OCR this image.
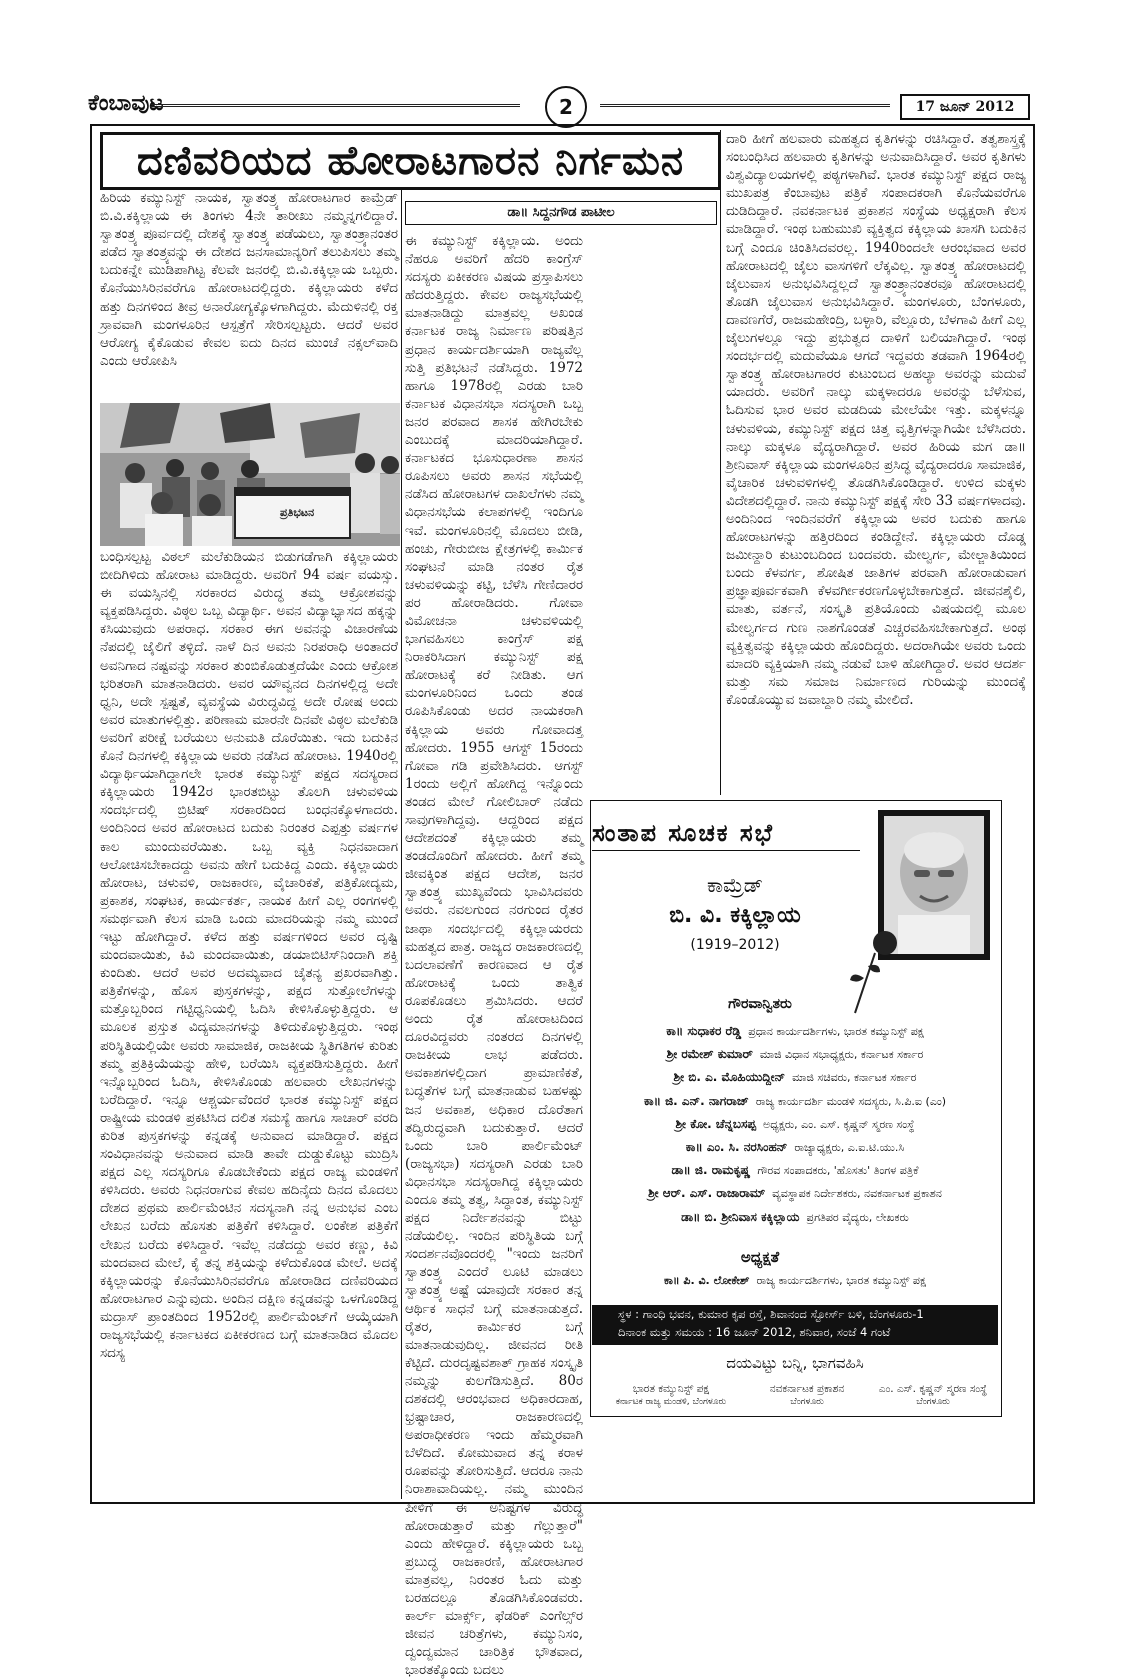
ಕೆಂಬಾವುಟ	2	17 ಜೂನ್ 2012
ದಣಿವರಿಯದ ಹೋರಾಟಗಾರನ ನಿರ್ಗಮನ
ಡಾ॥ ಸಿದ್ದನಗೌಡ ಪಾಟೀಲ

ಹಿರಿಯ ಕಮ್ಯುನಿಸ್ಟ್ ನಾಯಕ, ಸ್ವಾತಂತ್ರ್ಯ ಹೋರಾಟಗಾರ ಕಾಮ್ರೆಡ್ ಬಿ.ವಿ.ಕಕ್ಕಿಲ್ಲಾಯ ಈ ತಿಂಗಳು 4ನೇ ತಾರೀಖು ನಮ್ಮನ್ನಗಲಿದ್ದಾರೆ. ಸ್ವಾತಂತ್ರ್ಯ ಪೂರ್ವದಲ್ಲಿ ದೇಶಕ್ಕೆ ಸ್ವಾತಂತ್ರ್ಯ ಪಡೆಯಲು, ಸ್ವಾತಂತ್ರ್ಯಾನಂತರ ಪಡೆದ ಸ್ವಾತಂತ್ರ್ಯವನ್ನು ಈ ದೇಶದ ಜನಸಾಮಾನ್ಯರಿಗೆ ತಲುಪಿಸಲು ತಮ್ಮ ಬದುಕನ್ನೇ ಮುಡಿಪಾಗಿಟ್ಟ ಕೆಲವೇ ಜನರಲ್ಲಿ ಬಿ.ವಿ.ಕಕ್ಕಿಲ್ಲಾಯ ಒಬ್ಬರು. ಕೊನೆಯುಸಿರಿನವರೆಗೂ ಹೋರಾಟದಲ್ಲಿದ್ದರು. ಕಕ್ಕಿಲ್ಲಾಯರು ಕಳೆದ ಹತ್ತು ದಿನಗಳಿಂದ ತೀವ್ರ ಅನಾರೋಗ್ಯಕ್ಕೊಳಗಾಗಿದ್ದರು. ಮೆದುಳಿನಲ್ಲಿ ರಕ್ತ ಸ್ರಾವವಾಗಿ ಮಂಗಳೂರಿನ ಆಸ್ಪತ್ರೆಗೆ ಸೇರಿಸಲ್ಪಟ್ಟರು. ಆದರೆ ಅವರ ಆರೋಗ್ಯ ಕೈಕೊಡುವ ಕೇವಲ ಐದು ದಿನದ ಮುಂಚೆ ನಕ್ಸಲ್‌ವಾದಿ ಎಂದು ಆರೋಪಿಸಿ

ಪ್ರತಿಭಟನ

ಬಂಧಿಸಲ್ಪಟ್ಟ ವಿಠಲ್ ಮಲೆಕುಡಿಯನ ಬಿಡುಗಡೆಗಾಗಿ ಕಕ್ಕಿಲ್ಲಾಯರು ಬೀದಿಗಿಳಿದು ಹೋರಾಟ ಮಾಡಿದ್ದರು. ಅವರಿಗೆ 94 ವರ್ಷ ವಯಸ್ಸು. ಈ ವಯಸ್ಸಿನಲ್ಲಿ ಸರಕಾರದ ವಿರುದ್ಧ ತಮ್ಮ ಆಕ್ರೋಶವನ್ನು ವ್ಯಕ್ತಪಡಿಸಿದ್ದರು. ವಿಠ್ಠಲ ಒಬ್ಬ ವಿದ್ಯಾರ್ಥಿ. ಅವನ ವಿದ್ಯಾಭ್ಯಾಸದ ಹಕ್ಕನ್ನು ಕಸಿಯುವುದು ಅಪರಾಧ. ಸರಕಾರ ಈಗ ಅವನನ್ನು ವಿಚಾರಣೆಯ ನೆಪದಲ್ಲಿ ಜೈಲಿಗೆ ತಳ್ಳಿದೆ. ನಾಳೆ ದಿನ ಅವನು ನಿರಪರಾಧಿ ಅಂತಾದರೆ ಅವನಿಗಾದ ನಷ್ಟವನ್ನು ಸರಕಾರ ತುಂಬಿಕೊಡುತ್ತದೆಯೇ ಎಂದು ಆಕ್ರೋಶ ಭರಿತರಾಗಿ ಮಾತನಾಡಿದರು. ಅವರ ಯೌವ್ವನದ ದಿನಗಳಲ್ಲಿದ್ದ ಅದೇ ಧ್ವನಿ, ಅದೇ ಸ್ಪಷ್ಟತೆ, ವ್ಯವಸ್ಥೆಯ ವಿರುದ್ಧವಿದ್ದ ಅದೇ ರೋಷ ಅಂದು ಅವರ ಮಾತುಗಳಲ್ಲಿತ್ತು. ಪರಿಣಾಮ ಮಾರನೇ ದಿನವೇ ವಿಠ್ಠಲ ಮಲೆಕುಡಿ ಅವರಿಗೆ ಪರೀಕ್ಷೆ ಬರೆಯಲು ಅನುಮತಿ ದೊರೆಯಿತು. ಇದು ಬದುಕಿನ ಕೊನೆ ದಿನಗಳಲ್ಲಿ ಕಕ್ಕಿಲ್ಲಾಯ ಅವರು ನಡೆಸಿದ ಹೋರಾಟ. 1940ರಲ್ಲಿ ವಿದ್ಯಾರ್ಥಿಯಾಗಿದ್ದಾಗಲೇ ಭಾರತ ಕಮ್ಯುನಿಸ್ಟ್ ಪಕ್ಷದ ಸದಸ್ಯರಾದ ಕಕ್ಕಿಲ್ಲಾಯರು 1942ರ ಭಾರತಬಿಟ್ಟು ತೊಲಗಿ ಚಳುವಳಿಯ ಸಂದರ್ಭದಲ್ಲಿ ಬ್ರಿಟಿಷ್ ಸರಕಾರದಿಂದ ಬಂಧನಕ್ಕೊಳಗಾದರು. ಅಂದಿನಿಂದ ಅವರ ಹೋರಾಟದ ಬದುಕು ನಿರಂತರ ಎಪ್ಪತ್ತು ವರ್ಷಗಳ ಕಾಲ ಮುಂದುವರೆಯಿತು. ಒಬ್ಬ ವ್ಯಕ್ತಿ ನಿಧನವಾದಾಗ ಆಲೋಚಿಸಬೇಕಾದದ್ದು ಅವನು ಹೇಗೆ ಬದುಕಿದ್ದ ಎಂದು. ಕಕ್ಕಿಲ್ಲಾಯರು ಹೋರಾಟ, ಚಳುವಳಿ, ರಾಜಕಾರಣ, ವೈಚಾರಿಕತೆ, ಪತ್ರಿಕೋದ್ಯಮ, ಪ್ರಕಾಶಕ, ಸಂಘಟಕ, ಕಾರ್ಯಕರ್ತ, ನಾಯಕ ಹೀಗೆ ಎಲ್ಲ ರಂಗಗಳಲ್ಲಿ ಸಮರ್ಥವಾಗಿ ಕೆಲಸ ಮಾಡಿ ಒಂದು ಮಾದರಿಯನ್ನು ನಮ್ಮ ಮುಂದೆ ಇಟ್ಟು ಹೋಗಿದ್ದಾರೆ. ಕಳೆದ ಹತ್ತು ವರ್ಷಗಳಿಂದ ಅವರ ದೃಷ್ಟಿ ಮಂದವಾಯಿತು, ಕಿವಿ ಮಂದವಾಯಿತು, ಡಯಾಬಿಟಿಸ್‌ನಿಂದಾಗಿ ಶಕ್ತಿ ಕುಂದಿತು. ಆದರೆ ಅವರ ಅದಮ್ಯವಾದ ಚೈತನ್ಯ ಪ್ರಖರವಾಗಿತ್ತು. ಪತ್ರಿಕೆಗಳನ್ನು, ಹೊಸ ಪುಸ್ತಕಗಳನ್ನು, ಪಕ್ಷದ ಸುತ್ತೋಲೆಗಳನ್ನು ಮತ್ತೊಬ್ಬರಿಂದ ಗಟ್ಟಿಧ್ವನಿಯಲ್ಲಿ ಓದಿಸಿ ಕೇಳಿಸಿಕೊಳ್ಳುತ್ತಿದ್ದರು. ಆ ಮೂಲಕ ಪ್ರಸ್ತುತ ವಿದ್ಯಮಾನಗಳನ್ನು ತಿಳಿದುಕೊಳ್ಳುತ್ತಿದ್ದರು. ಇಂಥ ಪರಿಸ್ಥಿತಿಯಲ್ಲಿಯೇ ಅವರು ಸಾಮಾಜಿಕ, ರಾಜಕೀಯ ಸ್ಥಿತಿಗತಿಗಳ ಕುರಿತು ತಮ್ಮ ಪ್ರತಿಕ್ರಿಯೆಯನ್ನು ಹೇಳಿ, ಬರೆಯಿಸಿ ವ್ಯಕ್ತಪಡಿಸುತ್ತಿದ್ದರು. ಹೀಗೆ ಇನ್ನೊಬ್ಬರಿಂದ ಓದಿಸಿ, ಕೇಳಿಸಿಕೊಂಡು ಹಲವಾರು ಲೇಖನಗಳನ್ನು ಬರೆದಿದ್ದಾರೆ. ಇನ್ನೂ ಆಶ್ಚರ್ಯವೆಂದರೆ ಭಾರತ ಕಮ್ಯುನಿಸ್ಟ್ ಪಕ್ಷದ ರಾಷ್ಟ್ರೀಯ ಮಂಡಳಿ ಪ್ರಕಟಿಸಿದ ದಲಿತ ಸಮಸ್ಯೆ ಹಾಗೂ ಸಾಚಾರ್ ವರದಿ ಕುರಿತ ಪುಸ್ತಕಗಳನ್ನು ಕನ್ನಡಕ್ಕೆ ಅನುವಾದ ಮಾಡಿದ್ದಾರೆ. ಪಕ್ಷದ ಸಂವಿಧಾನವನ್ನು ಅನುವಾದ ಮಾಡಿ ತಾವೇ ದುಡ್ಡುಕೊಟ್ಟು ಮುದ್ರಿಸಿ ಪಕ್ಷದ ಎಲ್ಲ ಸದಸ್ಯರಿಗೂ ಕೊಡಬೇಕೆಂದು ಪಕ್ಷದ ರಾಜ್ಯ ಮಂಡಳಿಗೆ ಕಳಿಸಿದರು. ಅವರು ನಿಧನರಾಗುವ ಕೇವಲ ಹದಿನೈದು ದಿನದ ಮೊದಲು ದೇಶದ ಪ್ರಥಮ ಪಾರ್ಲಿಮೆಂಟಿನ ಸದಸ್ಯನಾಗಿ ನನ್ನ ಅನುಭವ ಎಂಬ ಲೇಖನ ಬರೆದು ಹೊಸತು ಪತ್ರಿಕೆಗೆ ಕಳಿಸಿದ್ದಾರೆ. ಲಂಕೇಶ ಪತ್ರಿಕೆಗೆ ಲೇಖನ ಬರೆದು ಕಳಿಸಿದ್ದಾರೆ. ಇವೆಲ್ಲ ನಡೆದದ್ದು ಅವರ ಕಣ್ಣು, ಕಿವಿ ಮಂದವಾದ ಮೇಲೆ, ಕೈ ತನ್ನ ಶಕ್ತಿಯನ್ನು ಕಳೆದುಕೊಂಡ ಮೇಲೆ. ಅದಕ್ಕೆ ಕಕ್ಕಿಲ್ಲಾಯರನ್ನು ಕೊನೆಯುಸಿರಿನವರೆಗೂ ಹೋರಾಡಿದ ದಣಿವರಿಯದ ಹೋರಾಟಗಾರ ಎನ್ನುವುದು. ಅಂದಿನ ದಕ್ಷಿಣ ಕನ್ನಡವನ್ನು ಒಳಗೊಂಡಿದ್ದ ಮದ್ರಾಸ್ ಪ್ರಾಂತದಿಂದ 1952ರಲ್ಲಿ ಪಾರ್ಲಿಮೆಂಟ್‌ಗೆ ಆಯ್ಕೆಯಾಗಿ ರಾಜ್ಯಸಭೆಯಲ್ಲಿ ಕರ್ನಾಟಕದ ಏಕೀಕರಣದ ಬಗ್ಗೆ ಮಾತನಾಡಿದ ಮೊದಲ ಸದಸ್ಯ

ಈ ಕಮ್ಯುನಿಸ್ಟ್ ಕಕ್ಕಿಲ್ಲಾಯ. ಅಂದು ನೆಹರೂ ಅವರಿಗೆ ಹೆದರಿ ಕಾಂಗ್ರೆಸ್ ಸದಸ್ಯರು ಏಕೀಕರಣ ವಿಷಯ ಪ್ರಸ್ತಾಪಿಸಲು ಹೆದರುತ್ತಿದ್ದರು. ಕೇವಲ ರಾಜ್ಯಸಭೆಯಲ್ಲಿ ಮಾತನಾಡಿದ್ದು ಮಾತ್ರವಲ್ಲ ಅಖಂಡ ಕರ್ನಾಟಕ ರಾಜ್ಯ ನಿರ್ಮಾಣ ಪರಿಷತ್ತಿನ ಪ್ರಧಾನ ಕಾರ್ಯದರ್ಶಿಯಾಗಿ ರಾಜ್ಯವೆಲ್ಲ ಸುತ್ತಿ ಪ್ರತಿಭಟನೆ ನಡೆಸಿದ್ದರು. 1972 ಹಾಗೂ 1978ರಲ್ಲಿ ಎರಡು ಬಾರಿ ಕರ್ನಾಟಕ ವಿಧಾನಸಭಾ ಸದಸ್ಯರಾಗಿ ಒಬ್ಬ ಜನರ ಪರವಾದ ಶಾಸಕ ಹೇಗಿರಬೇಕು ಎಂಬುದಕ್ಕೆ ಮಾದರಿಯಾಗಿದ್ದಾರೆ. ಕರ್ನಾಟಕದ ಭೂಸುಧಾರಣಾ ಶಾಸನ ರೂಪಿಸಲು ಅವರು ಶಾಸನ ಸಭೆಯಲ್ಲಿ ನಡೆಸಿದ ಹೋರಾಟಗಳ ದಾಖಲೆಗಳು ನಮ್ಮ ವಿಧಾನಸಭೆಯ ಕಲಾಪಗಳಲ್ಲಿ ಇಂದಿಗೂ ಇವೆ. ಮಂಗಳೂರಿನಲ್ಲಿ ಮೊದಲು ಬೀಡಿ, ಹಂಚು, ಗೇರುಬೀಜ ಕ್ಷೇತ್ರಗಳಲ್ಲಿ ಕಾರ್ಮಿಕ ಸಂಘಟನೆ ಮಾಡಿ ನಂತರ ರೈತ ಚಳುವಳಿಯನ್ನು ಕಟ್ಟಿ, ಬೆಳೆಸಿ ಗೇಣಿದಾರರ ಪರ ಹೋರಾಡಿದರು. ಗೋವಾ ವಿಮೋಚನಾ ಚಳುವಳಿಯಲ್ಲಿ ಭಾಗವಹಿಸಲು ಕಾಂಗ್ರೆಸ್ ಪಕ್ಷ ನಿರಾಕರಿಸಿದಾಗ ಕಮ್ಯುನಿಸ್ಟ್ ಪಕ್ಷ ಹೋರಾಟಕ್ಕೆ ಕರೆ ನೀಡಿತು. ಆಗ ಮಂಗಳೂರಿನಿಂದ ಒಂದು ತಂಡ ರೂಪಿಸಿಕೊಂಡು ಅದರ ನಾಯಕರಾಗಿ ಕಕ್ಕಿಲ್ಲಾಯ ಅವರು ಗೋವಾದತ್ತ ಹೋದರು. 1955 ಆಗಸ್ಟ್ 15ರಂದು ಗೋವಾ ಗಡಿ ಪ್ರವೇಶಿಸಿದರು. ಆಗಸ್ಟ್ 1ರಂದು ಅಲ್ಲಿಗೆ ಹೋಗಿದ್ದ ಇನ್ನೊಂದು ತಂಡದ ಮೇಲೆ ಗೋಲಿಬಾರ್ ನಡೆದು ಸಾವುಗಳಾಗಿದ್ದವು. ಆದ್ದರಿಂದ ಪಕ್ಷದ ಆದೇಶದಂತೆ ಕಕ್ಕಿಲ್ಲಾಯರು ತಮ್ಮ ತಂಡದೊಂದಿಗೆ ಹೋದರು. ಹೀಗೆ ತಮ್ಮ ಜೀವಕ್ಕಿಂತ ಪಕ್ಷದ ಆದೇಶ, ಜನರ ಸ್ವಾತಂತ್ರ್ಯ ಮುಖ್ಯವೆಂದು ಭಾವಿಸಿದವರು ಅವರು. ನವಲಗುಂದ ನರಗುಂದ ರೈತರ ಜಾಥಾ ಸಂದರ್ಭದಲ್ಲಿ ಕಕ್ಕಿಲ್ಲಾಯರದು ಮಹತ್ವದ ಪಾತ್ರ. ರಾಜ್ಯದ ರಾಜಕಾರಣದಲ್ಲಿ ಬದಲಾವಣೆಗೆ ಕಾರಣವಾದ ಆ ರೈತ ಹೋರಾಟಕ್ಕೆ ಒಂದು ತಾತ್ವಿಕ ರೂಪಕೊಡಲು ಶ್ರಮಿಸಿದರು. ಆದರೆ ಅಂದು ರೈತ ಹೋರಾಟದಿಂದ ದೂರವಿದ್ದವರು ನಂತರದ ದಿನಗಳಲ್ಲಿ ರಾಜಕೀಯ ಲಾಭ ಪಡೆದರು. ಅವಕಾಶಗಳಲ್ಲಿದಾಗ ಪ್ರಾಮಾಣಿಕತೆ, ಬದ್ಧತೆಗಳ ಬಗ್ಗೆ ಮಾತನಾಡುವ ಬಹಳಷ್ಟು ಜನ ಅವಕಾಶ, ಅಧಿಕಾರ ದೊರೆತಾಗ ತದ್ವಿರುದ್ಧವಾಗಿ ಬದುಕುತ್ತಾರೆ. ಆದರೆ ಒಂದು ಬಾರಿ ಪಾರ್ಲಿಮೆಂಟ್ (ರಾಜ್ಯಸಭಾ) ಸದಸ್ಯರಾಗಿ ಎರಡು ಬಾರಿ ವಿಧಾನಸಭಾ ಸದಸ್ಯರಾಗಿದ್ದ ಕಕ್ಕಿಲ್ಲಾಯರು ಎಂದೂ ತಮ್ಮ ತತ್ವ, ಸಿದ್ಧಾಂತ, ಕಮ್ಯುನಿಸ್ಟ್ ಪಕ್ಷದ ನಿರ್ದೇಶನವನ್ನು ಬಿಟ್ಟು ನಡೆಯಲಿಲ್ಲ. ಇಂದಿನ ಪರಿಸ್ಥಿತಿಯ ಬಗ್ಗೆ ಸಂದರ್ಶನವೊಂದರಲ್ಲಿ "ಇಂದು ಜನರಿಗೆ ಸ್ವಾತಂತ್ರ್ಯ ಎಂದರೆ ಲೂಟಿ ಮಾಡಲು ಸ್ವಾತಂತ್ರ್ಯ ಅಷ್ಟೆ ಯಾವುದೇ ಸರಕಾರ ತನ್ನ ಆರ್ಥಿಕ ಸಾಧನೆ ಬಗ್ಗೆ ಮಾತನಾಡುತ್ತದೆ. ರೈತರ, ಕಾರ್ಮಿಕರ ಬಗ್ಗೆ ಮಾತನಾಡುವುದಿಲ್ಲ. ಜೀವನದ ರೀತಿ ಕೆಟ್ಟಿದೆ. ದುರದೃಷ್ಟವಶಾತ್ ಗ್ರಾಹಕ ಸಂಸ್ಕೃತಿ ನಮ್ಮನ್ನು ಕುಲಗೆಡಿಸುತ್ತಿದೆ. 80ರ ದಶಕದಲ್ಲಿ ಆರಂಭವಾದ ಅಧಿಕಾರದಾಹ, ಭ್ರಷ್ಟಾಚಾರ, ರಾಜಕಾರಣದಲ್ಲಿ ಅಪರಾಧೀಕರಣ ಇಂದು ಹೆಮ್ಮರವಾಗಿ ಬೆಳೆದಿದೆ. ಕೋಮುವಾದ ತನ್ನ ಕರಾಳ ರೂಪವನ್ನು ತೋರಿಸುತ್ತಿದೆ. ಆದರೂ ನಾನು ನಿರಾಶಾವಾದಿಯಲ್ಲ. ನಮ್ಮ ಮುಂದಿನ ಪೀಳಿಗೆ ಈ ಅನಿಷ್ಟಗಳ ವಿರುದ್ಧ ಹೋರಾಡುತ್ತಾರೆ ಮತ್ತು ಗೆಲ್ಲುತ್ತಾರೆ" ಎಂದು ಹೇಳಿದ್ದಾರೆ. ಕಕ್ಕಿಲ್ಲಾಯರು ಒಬ್ಬ ಪ್ರಬುದ್ಧ ರಾಜಕಾರಣಿ, ಹೋರಾಟಗಾರ ಮಾತ್ರವಲ್ಲ, ನಿರಂತರ ಓದು ಮತ್ತು ಬರಹದಲ್ಲೂ ತೊಡಗಿಸಿಕೊಂಡವರು. ಕಾರ್ಲ್ ಮಾರ್ಕ್ಸ್, ಫೆಡರಿಕ್ ಎಂಗೆಲ್ಸ್‌ರ ಜೀವನ ಚರಿತ್ರೆಗಳು, ಕಮ್ಯುನಿಸಂ, ದ್ವಂದ್ವಮಾನ ಚಾರಿತ್ರಿಕ ಭೌತವಾದ, ಭಾರತಕ್ಕೊಂದು ಬದಲು

ದಾರಿ ಹೀಗೆ ಹಲವಾರು ಮಹತ್ವದ ಕೃತಿಗಳನ್ನು ರಚಿಸಿದ್ದಾರೆ. ತತ್ವಶಾಸ್ತ್ರಕ್ಕೆ ಸಂಬಂಧಿಸಿದ ಹಲವಾರು ಕೃತಿಗಳನ್ನು ಅನುವಾದಿಸಿದ್ದಾರೆ. ಅವರ ಕೃತಿಗಳು ವಿಶ್ವವಿದ್ಯಾಲಯಗಳಲ್ಲಿ ಪಠ್ಯಗಳಾಗಿವೆ. ಭಾರತ ಕಮ್ಯುನಿಸ್ಟ್ ಪಕ್ಷದ ರಾಜ್ಯ ಮುಖಪತ್ರ ಕೆಂಬಾವುಟ ಪತ್ರಿಕೆ ಸಂಪಾದಕರಾಗಿ ಕೊನೆಯವರೆಗೂ ದುಡಿದಿದ್ದಾರೆ. ನವಕರ್ನಾಟಕ ಪ್ರಕಾಶನ ಸಂಸ್ಥೆಯ ಅಧ್ಯಕ್ಷರಾಗಿ ಕೆಲಸ ಮಾಡಿದ್ದಾರೆ. ಇಂಥ ಬಹುಮುಖಿ ವ್ಯಕ್ತಿತ್ವದ ಕಕ್ಕಿಲ್ಲಾಯ ಖಾಸಗಿ ಬದುಕಿನ ಬಗ್ಗೆ ಎಂದೂ ಚಿಂತಿಸಿದವರಲ್ಲ. 1940ರಿಂದಲೇ ಆರಂಭವಾದ ಅವರ ಹೋರಾಟದಲ್ಲಿ ಜೈಲು ವಾಸಗಳಿಗೆ ಲೆಕ್ಕವಿಲ್ಲ. ಸ್ವಾತಂತ್ರ್ಯ ಹೋರಾಟದಲ್ಲಿ ಜೈಲುವಾಸ ಅನುಭವಿಸಿದ್ದಲ್ಲದೆ ಸ್ವಾತಂತ್ರ್ಯಾನಂತರವೂ ಹೋರಾಟದಲ್ಲಿ ತೊಡಗಿ ಜೈಲುವಾಸ ಅನುಭವಿಸಿದ್ದಾರೆ. ಮಂಗಳೂರು, ಬೆಂಗಳೂರು, ದಾವಣಗೆರೆ, ರಾಜಮಹೇಂದ್ರಿ, ಬಳ್ಳಾರಿ, ವೆಲ್ಲೂರು, ಬೆಳಗಾವಿ ಹೀಗೆ ಎಲ್ಲ ಜೈಲುಗಳಲ್ಲೂ ಇದ್ದು ಪ್ರಭುತ್ವದ ದಾಳಿಗೆ ಬಲಿಯಾಗಿದ್ದಾರೆ. ಇಂಥ ಸಂದರ್ಭದಲ್ಲಿ ಮದುವೆಯೂ ಆಗದೆ ಇದ್ದವರು ತಡವಾಗಿ 1964ರಲ್ಲಿ ಸ್ವಾತಂತ್ರ್ಯ ಹೋರಾಟಗಾರರ ಕುಟುಂಬದ ಅಹಲ್ಯಾ ಅವರನ್ನು ಮದುವೆ ಯಾದರು. ಅವರಿಗೆ ನಾಲ್ಕು ಮಕ್ಕಳಾದರೂ ಅವರನ್ನು ಬೆಳೆಸುವ, ಓದಿಸುವ ಭಾರ ಅವರ ಮಡದಿಯ ಮೇಲೆಯೇ ಇತ್ತು. ಮಕ್ಕಳನ್ನೂ ಚಳುವಳಿಯ, ಕಮ್ಯುನಿಸ್ಟ್ ಪಕ್ಷದ ಚಿತ್ತ ವೃತ್ತಿಗಳನ್ನಾಗಿಯೇ ಬೆಳೆಸಿದರು. ನಾಲ್ಕು ಮಕ್ಕಳೂ ವೈದ್ಯರಾಗಿದ್ದಾರೆ. ಅವರ ಹಿರಿಯ ಮಗ ಡಾ॥ ಶ್ರೀನಿವಾಸ್ ಕಕ್ಕಿಲ್ಲಾಯ ಮಂಗಳೂರಿನ ಪ್ರಸಿದ್ಧ ವೈದ್ಯರಾದರೂ ಸಾಮಾಜಿಕ, ವೈಚಾರಿಕ ಚಳುವಳಿಗಳಲ್ಲಿ ತೊಡಗಿಸಿಕೊಂಡಿದ್ದಾರೆ. ಉಳಿದ ಮಕ್ಕಳು ವಿದೇಶದಲ್ಲಿದ್ದಾರೆ. ನಾನು ಕಮ್ಯುನಿಸ್ಟ್ ಪಕ್ಷಕ್ಕೆ ಸೇರಿ 33 ವರ್ಷಗಳಾದವು. ಅಂದಿನಿಂದ ಇಂದಿನವರೆಗೆ ಕಕ್ಕಿಲ್ಲಾಯ ಅವರ ಬದುಕು ಹಾಗೂ ಹೋರಾಟಗಳನ್ನು ಹತ್ತಿರದಿಂದ ಕಂಡಿದ್ದೇನೆ. ಕಕ್ಕಿಲ್ಲಾಯರು ದೊಡ್ಡ ಜಮೀನ್ದಾರಿ ಕುಟುಂಬದಿಂದ ಬಂದವರು. ಮೇಲ್ವರ್ಗ, ಮೇಲ್ಜಾತಿಯಿಂದ ಬಂದು ಕೆಳವರ್ಗ, ಶೋಷಿತ ಜಾತಿಗಳ ಪರವಾಗಿ ಹೋರಾಡುವಾಗ ಪ್ರಜ್ಞಾಪೂರ್ವಕವಾಗಿ ಕೆಳವರ್ಗೀಕರಣಗೊಳ್ಳಬೇಕಾಗುತ್ತದೆ. ಜೀವನಶೈಲಿ, ಮಾತು, ವರ್ತನೆ, ಸಂಸ್ಕೃತಿ ಪ್ರತಿಯೊಂದು ವಿಷಯದಲ್ಲಿ ಮೂಲ ಮೇಲ್ವರ್ಗದ ಗುಣ ನಾಶಗೊಂಡತೆ ಎಚ್ಚರವಹಿಸಬೇಕಾಗುತ್ತದೆ. ಅಂಥ ವ್ಯಕ್ತಿತ್ವವನ್ನು ಕಕ್ಕಿಲ್ಲಾಯರು ಹೊಂದಿದ್ದರು. ಅದರಾಗಿಯೇ ಅವರು ಒಂದು ಮಾದರಿ ವ್ಯಕ್ತಿಯಾಗಿ ನಮ್ಮ ನಡುವೆ ಬಾಳಿ ಹೋಗಿದ್ದಾರೆ. ಅವರ ಆದರ್ಶ ಮತ್ತು ಸಮ ಸಮಾಜ ನಿರ್ಮಾಣದ ಗುರಿಯನ್ನು ಮುಂದಕ್ಕೆ ಕೊಂಡೊಯ್ಯುವ ಜವಾಬ್ದಾರಿ ನಮ್ಮ ಮೇಲಿದೆ.

ಸಂತಾಪ ಸೂಚಕ ಸಭೆ
ಕಾಮ್ರೆಡ್
ಬಿ. ವಿ. ಕಕ್ಕಿಲ್ಲಾಯ
(1919–2012)
ಗೌರವಾನ್ವಿತರು
ಕಾ॥ ಸುಧಾಕರ ರೆಡ್ಡಿ ಪ್ರಧಾನ ಕಾರ್ಯದರ್ಶಿಗಳು, ಭಾರತ ಕಮ್ಯುನಿಸ್ಟ್ ಪಕ್ಷ
ಶ್ರೀ ರಮೇಶ್ ಕುಮಾರ್ ಮಾಜಿ ವಿಧಾನ ಸಭಾಧ್ಯಕ್ಷರು, ಕರ್ನಾಟಕ ಸರ್ಕಾರ
ಶ್ರೀ ಬಿ. ಎ. ಮೊಹಿಯುದ್ದೀನ್ ಮಾಜಿ ಸಚಿವರು, ಕರ್ನಾಟಕ ಸರ್ಕಾರ
ಕಾ॥ ಜಿ. ಎನ್. ನಾಗರಾಜ್ ರಾಜ್ಯ ಕಾರ್ಯದರ್ಶಿ ಮಂಡಳಿ ಸದಸ್ಯರು, ಸಿ.ಪಿ.ಐ (ಎಂ)
ಶ್ರೀ ಕೋ. ಚೆನ್ನಬಸಪ್ಪ ಅಧ್ಯಕ್ಷರು, ಎಂ. ಎಸ್. ಕೃಷ್ಣನ್ ಸ್ಮರಣ ಸಂಸ್ಥೆ
ಕಾ॥ ಎಂ. ಸಿ. ನರಸಿಂಹನ್ ರಾಜ್ಯಾಧ್ಯಕ್ಷರು, ಎ.ಐ.ಟಿ.ಯು.ಸಿ
ಡಾ॥ ಜಿ. ರಾಮಕೃಷ್ಣ ಗೌರವ ಸಂಪಾದಕರು, 'ಹೊಸತು' ತಿಂಗಳ ಪತ್ರಿಕೆ
ಶ್ರೀ ಆರ್. ಎಸ್. ರಾಜಾರಾಮ್ ವ್ಯವಸ್ಥಾಪಕ ನಿರ್ದೇಶಕರು, ನವಕರ್ನಾಟಕ ಪ್ರಕಾಶನ
ಡಾ॥ ಬಿ. ಶ್ರೀನಿವಾಸ ಕಕ್ಕಿಲ್ಲಾಯ ಪ್ರಗತಿಪರ ವೈದ್ಯರು, ಲೇಖಕರು
ಅಧ್ಯಕ್ಷತೆ
ಕಾ॥ ಪಿ. ವಿ. ಲೋಕೇಶ್ ರಾಜ್ಯ ಕಾರ್ಯದರ್ಶಿಗಳು, ಭಾರತ ಕಮ್ಯುನಿಸ್ಟ್ ಪಕ್ಷ
ಸ್ಥಳ : ಗಾಂಧಿ ಭವನ, ಕುಮಾರ ಕೃಪ ರಸ್ತೆ, ಶಿವಾನಂದ ಸ್ಟೋರ್ಸ್ ಬಳಿ, ಬೆಂಗಳೂರು-1
ದಿನಾಂಕ ಮತ್ತು ಸಮಯ : 16 ಜೂನ್ 2012, ಶನಿವಾರ, ಸಂಜೆ 4 ಗಂಟೆ
ದಯವಿಟ್ಟು ಬನ್ನಿ, ಭಾಗವಹಿಸಿ
ಭಾರತ ಕಮ್ಯುನಿಸ್ಟ್ ಪಕ್ಷ
ಕರ್ನಾಟಕ ರಾಜ್ಯ ಮಂಡಳಿ, ಬೆಂಗಳೂರು
ನವಕರ್ನಾಟಕ ಪ್ರಕಾಶನ
ಬೆಂಗಳೂರು
ಎಂ. ಎಸ್. ಕೃಷ್ಣನ್ ಸ್ಮರಣ ಸಂಸ್ಥೆ
ಬೆಂಗಳೂರು
